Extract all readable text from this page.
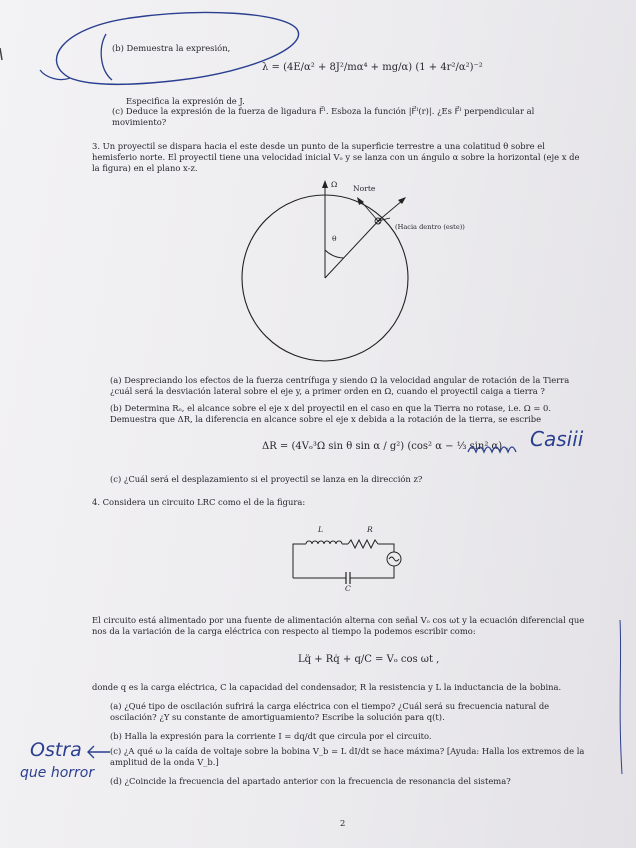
(b) Demuestra la expresión,
λ = (4E/α² + 8J²/mα⁴ + mg/α) (1 + 4r²/α²)⁻²
Especifica la expresión de J.
(c) Deduce la expresión de la fuerza de ligadura F⃗ˡ. Esboza la función |F⃗ˡ(r)|. ¿Es F⃗ˡ perpendicular al movimiento?
3. Un proyectil se dispara hacia el este desde un punto de la superficie terrestre a una colatitud θ sobre el hemisferio norte. El proyectil tiene una velocidad inicial Vₒ y se lanza con un ángulo α sobre la horizontal (eje x de la figura) en el plano x-z.
Ω Norte
θ
(Hacia dentro (este))
(a) Despreciando los efectos de la fuerza centrífuga y siendo Ω la velocidad angular de rotación de la Tierra ¿cuál será la desviación lateral sobre el eje y, a primer orden en Ω, cuando el proyectil caiga a tierra ?
(b) Determina Rₒ, el alcance sobre el eje x del proyectil en el caso en que la Tierra no rotase, i.e. Ω = 0. Demuestra que ΔR, la diferencia en alcance sobre el eje x debida a la rotación de la tierra, se escribe
ΔR = (4Vₒ³Ω sin θ sin α / g²) (cos² α − ⅓ sin² α) . Casiii
(c) ¿Cuál será el desplazamiento si el proyectil se lanza en la dirección z?
4. Considera un circuito LRC como el de la figura:
L	R
C
El circuito está alimentado por una fuente de alimentación alterna con señal Vₒ cos ωt y la ecuación diferencial que nos da la variación de la carga eléctrica con respecto al tiempo la podemos escribir como:
Lq̈ + Rq̇ + q/C = Vₒ cos ωt ,
donde q es la carga eléctrica, C la capacidad del condensador, R la resistencia y L la inductancia de la bobina.
(a) ¿Qué tipo de oscilación sufrirá la carga eléctrica con el tiempo? ¿Cuál será su frecuencia natural de oscilación? ¿Y su constante de amortiguamiento? Escribe la solución para q(t).
(b) Halla la expresión para la corriente I = dq/dt que circula por el circuito.
(c) ¿A qué ω la caída de voltaje sobre la bobina V_b = L dI/dt se hace máxima? [Ayuda: Halla los extremos de la amplitud de la onda V_b.]
(d) ¿Coincide la frecuencia del apartado anterior con la frecuencia de resonancia del sistema?
Ostra
que horror
2
